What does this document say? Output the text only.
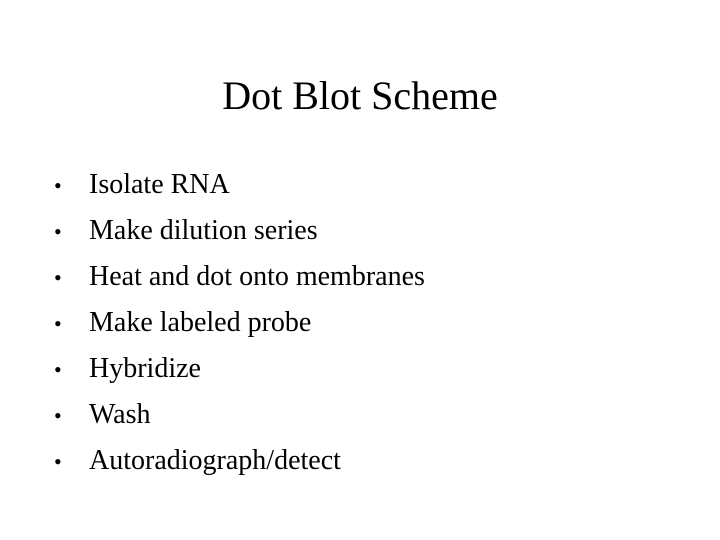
Dot Blot Scheme
• Isolate RNA
• Make dilution series
• Heat and dot onto membranes
• Make labeled probe
• Hybridize
• Wash
• Autoradiograph/detect
